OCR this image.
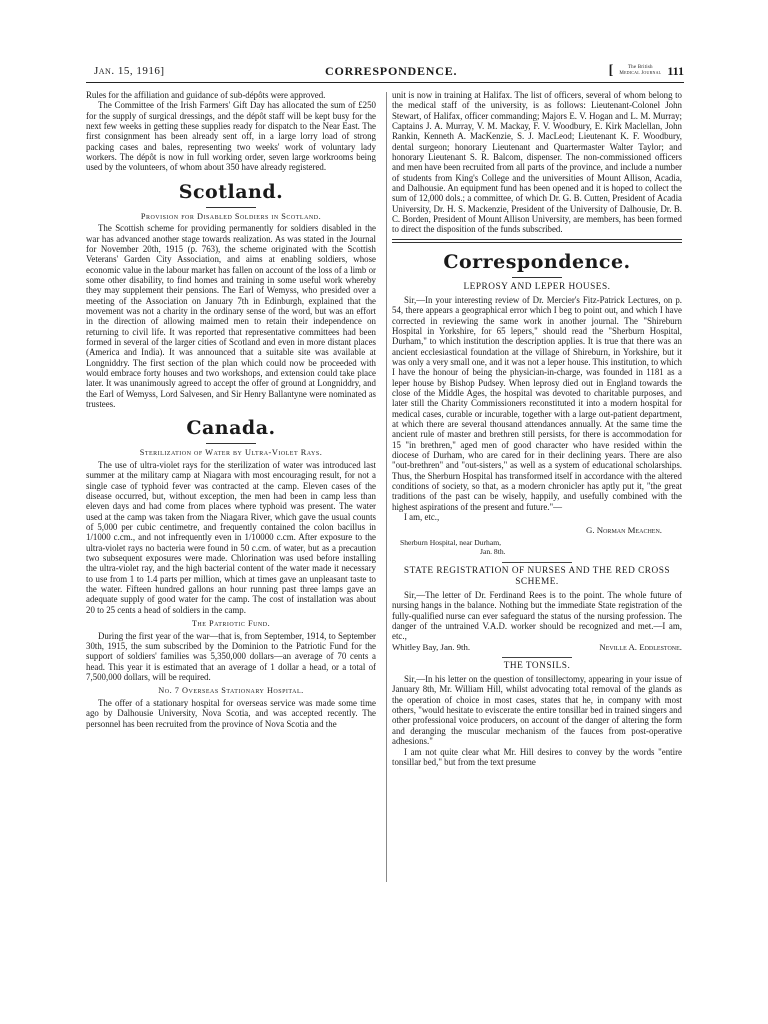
Jan. 15, 1916]	CORRESPONDENCE.	[	The British
Medical Journal 111

Rules for the affiliation and guidance of sub-dépôts were approved.

The Committee of the Irish Farmers' Gift Day has allocated the sum of £250 for the supply of surgical dressings, and the dépôt staff will be kept busy for the next few weeks in getting these supplies ready for dispatch to the Near East. The first consignment has been already sent off, in a large lorry load of strong packing cases and bales, representing two weeks' work of voluntary lady workers. The dépôt is now in full working order, seven large workrooms being used by the volunteers, of whom about 350 have already registered.

Scotland.
Provision for Disabled Soldiers in Scotland.

The Scottish scheme for providing permanently for soldiers disabled in the war has advanced another stage towards realization. As was stated in the Journal for November 20th, 1915 (p. 763), the scheme originated with the Scottish Veterans' Garden City Association, and aims at enabling soldiers, whose economic value in the labour market has fallen on account of the loss of a limb or some other disability, to find homes and training in some useful work whereby they may supplement their pensions. The Earl of Wemyss, who presided over a meeting of the Association on January 7th in Edinburgh, explained that the movement was not a charity in the ordinary sense of the word, but was an effort in the direction of allowing maimed men to retain their independence on returning to civil life. It was reported that representative committees had been formed in several of the larger cities of Scotland and even in more distant places (America and India). It was announced that a suitable site was available at Longniddry. The first section of the plan which could now be proceeded with would embrace forty houses and two workshops, and extension could take place later. It was unanimously agreed to accept the offer of ground at Longniddry, and the Earl of Wemyss, Lord Salvesen, and Sir Henry Ballantyne were nominated as trustees.

Canada.
Sterilization of Water by Ultra-Violet Rays.

The use of ultra-violet rays for the sterilization of water was introduced last summer at the military camp at Niagara with most encouraging result, for not a single case of typhoid fever was contracted at the camp. Eleven cases of the disease occurred, but, without exception, the men had been in camp less than eleven days and had come from places where typhoid was present. The water used at the camp was taken from the Niagara River, which gave the usual counts of 5,000 per cubic centimetre, and frequently contained the colon bacillus in 1/1000 c.cm., and not infrequently even in 1/10000 c.cm. After exposure to the ultra-violet rays no bacteria were found in 50 c.cm. of water, but as a precaution two subsequent exposures were made. Chlorination was used before installing the ultra-violet ray, and the high bacterial content of the water made it necessary to use from 1 to 1.4 parts per million, which at times gave an unpleasant taste to the water. Fifteen hundred gallons an hour running past three lamps gave an adequate supply of good water for the camp. The cost of installation was about 20 to 25 cents a head of soldiers in the camp.

The Patriotic Fund.

During the first year of the war—that is, from September, 1914, to September 30th, 1915, the sum subscribed by the Dominion to the Patriotic Fund for the support of soldiers' families was 5,350,000 dollars—an average of 70 cents a head. This year it is estimated that an average of 1 dollar a head, or a total of 7,500,000 dollars, will be required.

No. 7 Overseas Stationary Hospital.

The offer of a stationary hospital for overseas service was made some time ago by Dalhousie University, Nova Scotia, and was accepted recently. The personnel has been recruited from the province of Nova Scotia and the

unit is now in training at Halifax. The list of officers, several of whom belong to the medical staff of the university, is as follows: Lieutenant-Colonel John Stewart, of Halifax, officer commanding; Majors E. V. Hogan and L. M. Murray; Captains J. A. Murray, V. M. Mackay, F. V. Woodbury, E. Kirk Maclellan, John Rankin, Kenneth A. MacKenzie, S. J. MacLeod; Lieutenant K. F. Woodbury, dental surgeon; honorary Lieutenant and Quartermaster Walter Taylor; and honorary Lieutenant S. R. Balcom, dispenser. The non-commissioned officers and men have been recruited from all parts of the province, and include a number of students from King's College and the universities of Mount Allison, Acadia, and Dalhousie. An equipment fund has been opened and it is hoped to collect the sum of 12,000 dols.; a committee, of which Dr. G. B. Cutten, President of Acadia University, Dr. H. S. Mackenzie, President of the University of Dalhousie, Dr. B. C. Borden, President of Mount Allison University, are members, has been formed to direct the disposition of the funds subscribed.

Correspondence.
LEPROSY AND LEPER HOUSES.

Sir,—In your interesting review of Dr. Mercier's Fitz-Patrick Lectures, on p. 54, there appears a geographical error which I beg to point out, and which I have corrected in reviewing the same work in another journal. The "Shireburn Hospital in Yorkshire, for 65 lepers," should read the "Sherburn Hospital, Durham," to which institution the description applies. It is true that there was an ancient ecclesiastical foundation at the village of Shireburn, in Yorkshire, but it was only a very small one, and it was not a leper house. This institution, to which I have the honour of being the physician-in-charge, was founded in 1181 as a leper house by Bishop Pudsey. When leprosy died out in England towards the close of the Middle Ages, the hospital was devoted to charitable purposes, and later still the Charity Commissioners reconstituted it into a modern hospital for medical cases, curable or incurable, together with a large out-patient department, at which there are several thousand attendances annually. At the same time the ancient rule of master and brethren still persists, for there is accommodation for 15 "in brethren," aged men of good character who have resided within the diocese of Durham, who are cared for in their declining years. There are also "out-brethren" and "out-sisters," as well as a system of educational scholarships. Thus, the Sherburn Hospital has transformed itself in accordance with the altered conditions of society, so that, as a modern chronicler has aptly put it, "the great traditions of the past can be wisely, happily, and usefully combined with the highest aspirations of the present and future."—

I am, etc.,

G. Norman Meachen.
Sherburn Hospital, near Durham,
Jan. 8th.
STATE REGISTRATION OF NURSES AND THE RED CROSS SCHEME.

Sir,—The letter of Dr. Ferdinand Rees is to the point. The whole future of nursing hangs in the balance. Nothing but the immediate State registration of the fully-qualified nurse can ever safeguard the status of the nursing profession. The danger of the untrained V.A.D. worker should be recognized and met.—I am, etc.,

Whitley Bay, Jan. 9th.	Neville A. Eddlestone.
THE TONSILS.

Sir,—In his letter on the question of tonsillectomy, appearing in your issue of January 8th, Mr. William Hill, whilst advocating total removal of the glands as the operation of choice in most cases, states that he, in company with most others, "would hesitate to eviscerate the entire tonsillar bed in trained singers and other professional voice producers, on account of the danger of altering the form and deranging the muscular mechanism of the fauces from post-operative adhesions."

I am not quite clear what Mr. Hill desires to convey by the words "entire tonsillar bed," but from the text presume
